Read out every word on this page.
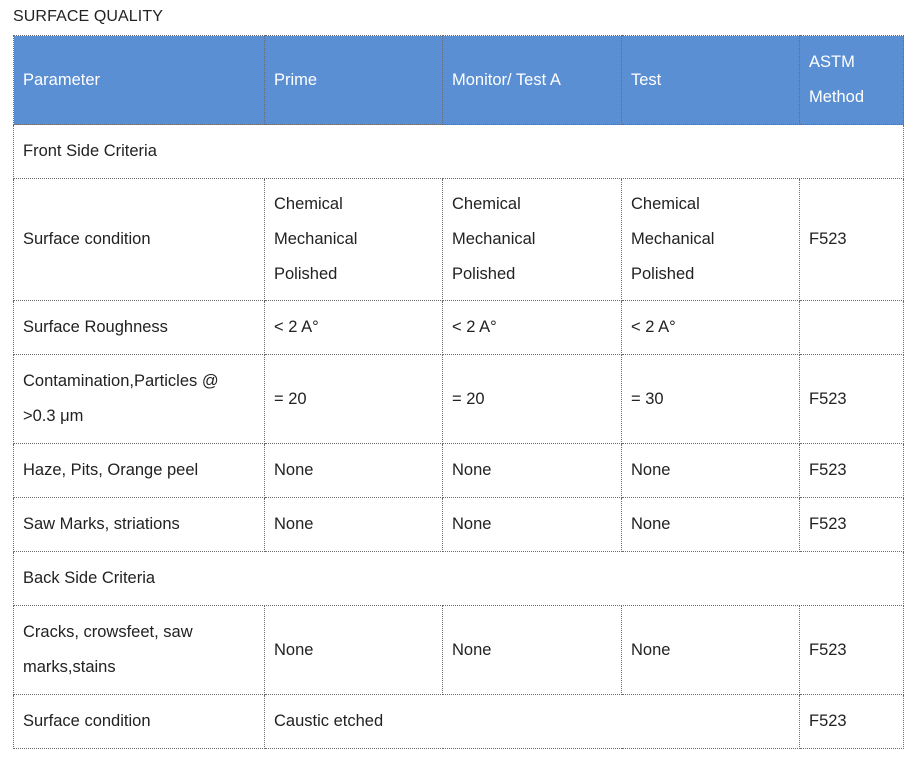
SURFACE QUALITY
Parameter	Prime	Monitor/ Test A	Test	ASTM
Method

Front Side Criteria				
Surface condition	Chemical
Mechanical
Polished	Chemical
Mechanical
Polished	Chemical
Mechanical
Polished	F523
Surface Roughness	< 2 A°	< 2 A°	< 2 A°	

Contamination,Particles @
>0.3 μm	= 20	= 20	= 30	F523
Haze, Pits, Orange peel	None	None	None	F523
Saw Marks, striations	None	None	None	F523
Back Side Criteria				

Cracks, crowsfeet, saw
marks,stains	None	None	None	F523
Surface condition	Caustic etched			F523
